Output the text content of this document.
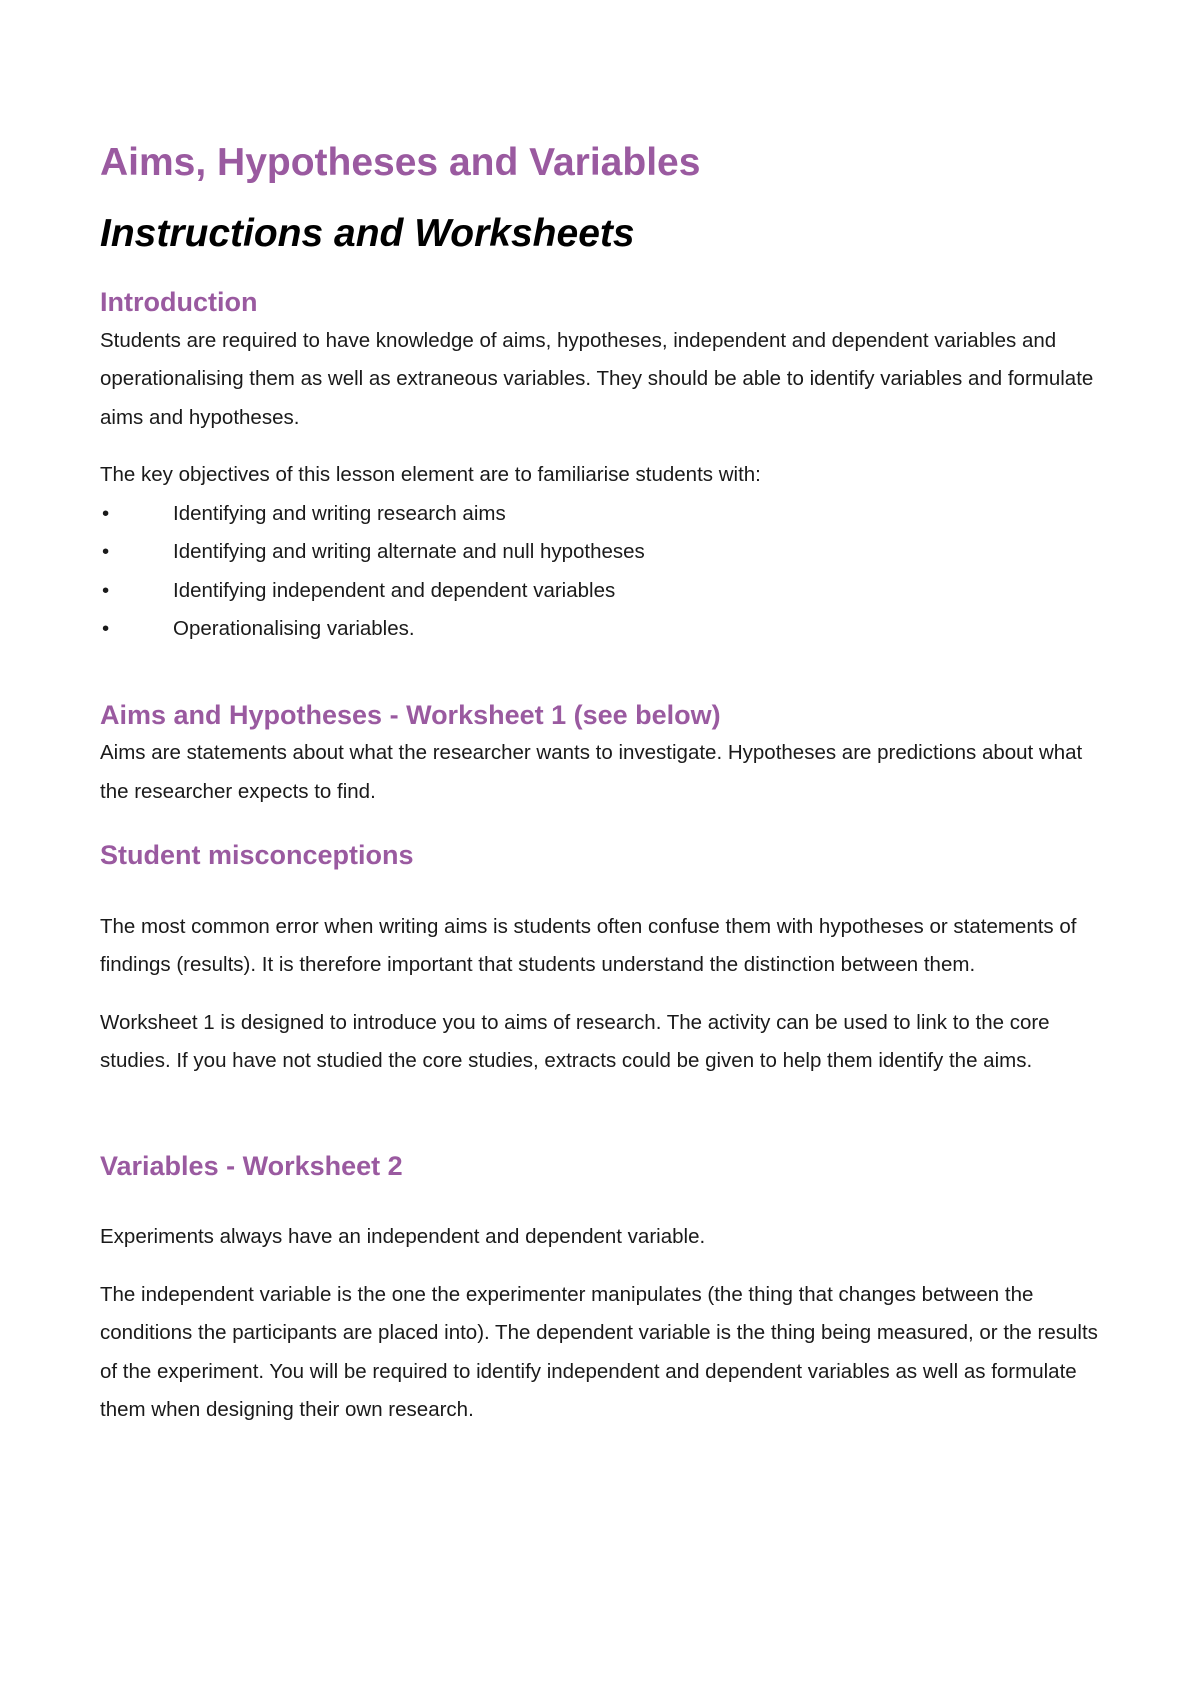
Aims, Hypotheses and Variables
Instructions and Worksheets
Introduction

Students are required to have knowledge of aims, hypotheses, independent and dependent variables and operationalising them as well as extraneous variables. They should be able to identify variables and formulate aims and hypotheses.

The key objectives of this lesson element are to familiarise students with:

•	Identifying and writing research aims
•	Identifying and writing alternate and null hypotheses
•	Identifying independent and dependent variables
•	Operationalising variables.
Aims and Hypotheses - Worksheet 1 (see below)

Aims are statements about what the researcher wants to investigate. Hypotheses are predictions about what the researcher expects to find.

Student misconceptions

The most common error when writing aims is students often confuse them with hypotheses or statements of findings (results). It is therefore important that students understand the distinction between them.

Worksheet 1 is designed to introduce you to aims of research. The activity can be used to link to the core studies. If you have not studied the core studies, extracts could be given to help them identify the aims.

Variables - Worksheet 2

Experiments always have an independent and dependent variable.

The independent variable is the one the experimenter manipulates (the thing that changes between the conditions the participants are placed into). The dependent variable is the thing being measured, or the results of the experiment. You will be required to identify independent and dependent variables as well as formulate them when designing their own research.
